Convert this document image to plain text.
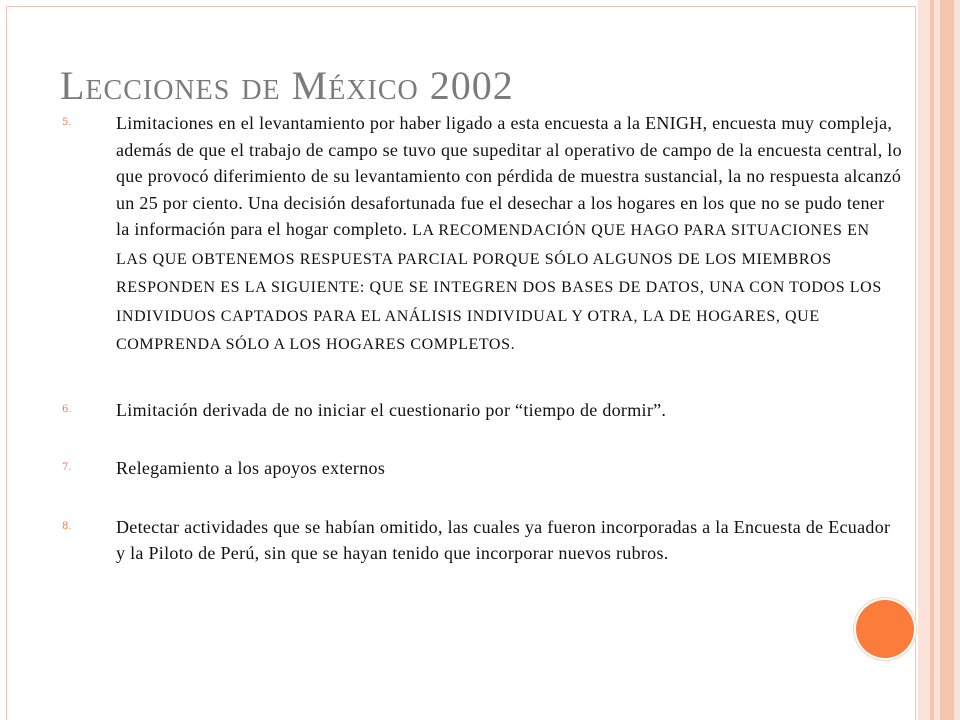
Lecciones de México 2002
5.	Limitaciones en el levantamiento por haber ligado a esta encuesta a la ENIGH, encuesta muy compleja, además de que el trabajo de campo se tuvo que supeditar al operativo de campo de la encuesta central, lo que provocó diferimiento de su levantamiento con pérdida de muestra sustancial, la no respuesta alcanzó un 25 por ciento. Una decisión desafortunada fue el desechar a los hogares en los que no se pudo tener la información para el hogar completo. LA RECOMENDACIÓN QUE HAGO PARA SITUACIONES EN LAS QUE OBTENEMOS RESPUESTA PARCIAL PORQUE SÓLO ALGUNOS DE LOS MIEMBROS RESPONDEN ES LA SIGUIENTE: QUE SE INTEGREN DOS BASES DE DATOS, UNA CON TODOS LOS INDIVIDUOS CAPTADOS PARA EL ANÁLISIS INDIVIDUAL Y OTRA, LA DE HOGARES, QUE COMPRENDA SÓLO A LOS HOGARES COMPLETOS.
6.	Limitación derivada de no iniciar el cuestionario por “tiempo de dormir”.
7.	Relegamiento a los apoyos externos
8.	Detectar actividades que se habían omitido, las cuales ya fueron incorporadas a la Encuesta de Ecuador y la Piloto de Perú, sin que se hayan tenido que incorporar nuevos rubros.
